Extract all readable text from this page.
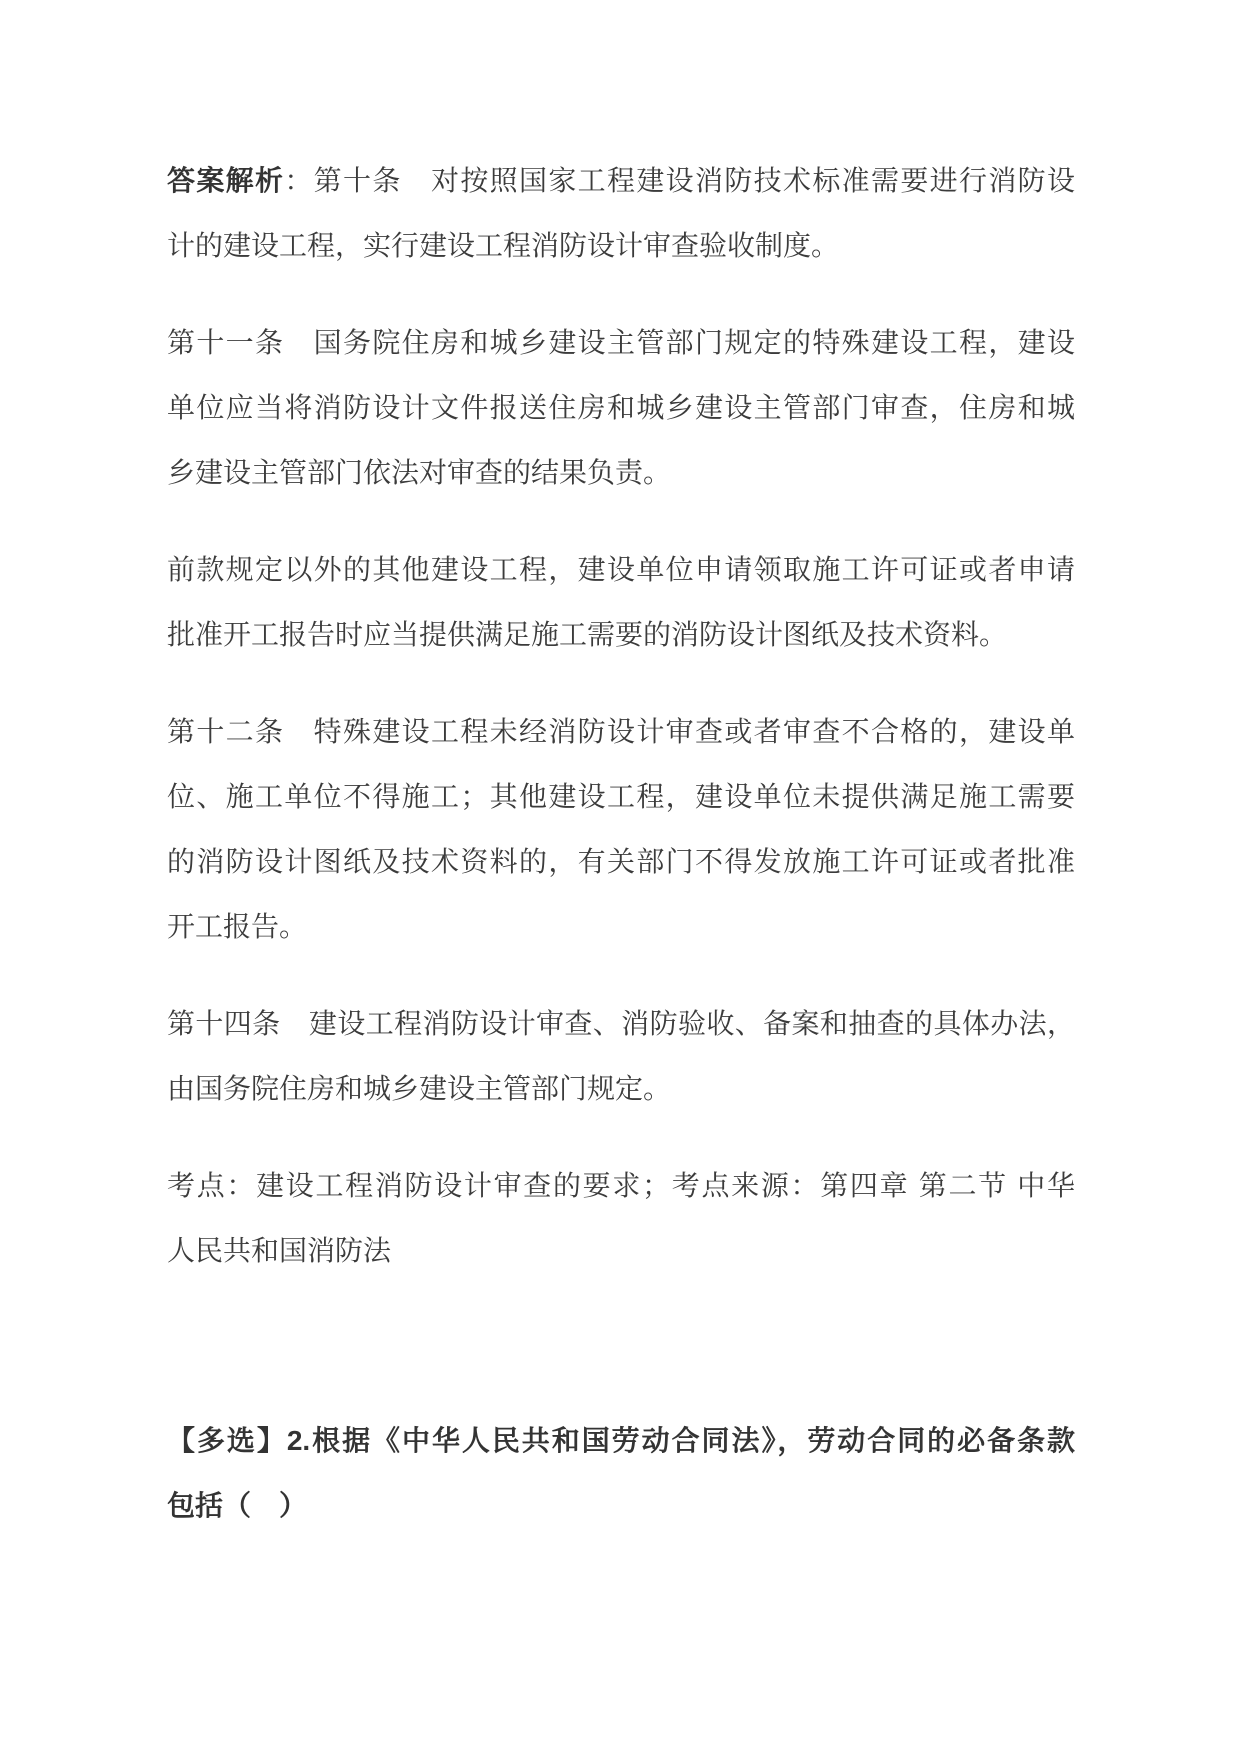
答案解析：第十条　对按照国家工程建设消防技术标准需要进行消防设
计的建设工程，实行建设工程消防设计审查验收制度。

第十一条　国务院住房和城乡建设主管部门规定的特殊建设工程，建设
单位应当将消防设计文件报送住房和城乡建设主管部门审查，住房和城
乡建设主管部门依法对审查的结果负责。

前款规定以外的其他建设工程，建设单位申请领取施工许可证或者申请
批准开工报告时应当提供满足施工需要的消防设计图纸及技术资料。

第十二条　特殊建设工程未经消防设计审查或者审查不合格的，建设单
位、施工单位不得施工；其他建设工程，建设单位未提供满足施工需要
的消防设计图纸及技术资料的，有关部门不得发放施工许可证或者批准
开工报告。

第十四条　建设工程消防设计审查、消防验收、备案和抽查的具体办法，
由国务院住房和城乡建设主管部门规定。

考点：建设工程消防设计审查的要求；考点来源：第四章 第二节 中华
人民共和国消防法

【多选】2.根据《中华人民共和国劳动合同法》，劳动合同的必备条款
包括（　）
